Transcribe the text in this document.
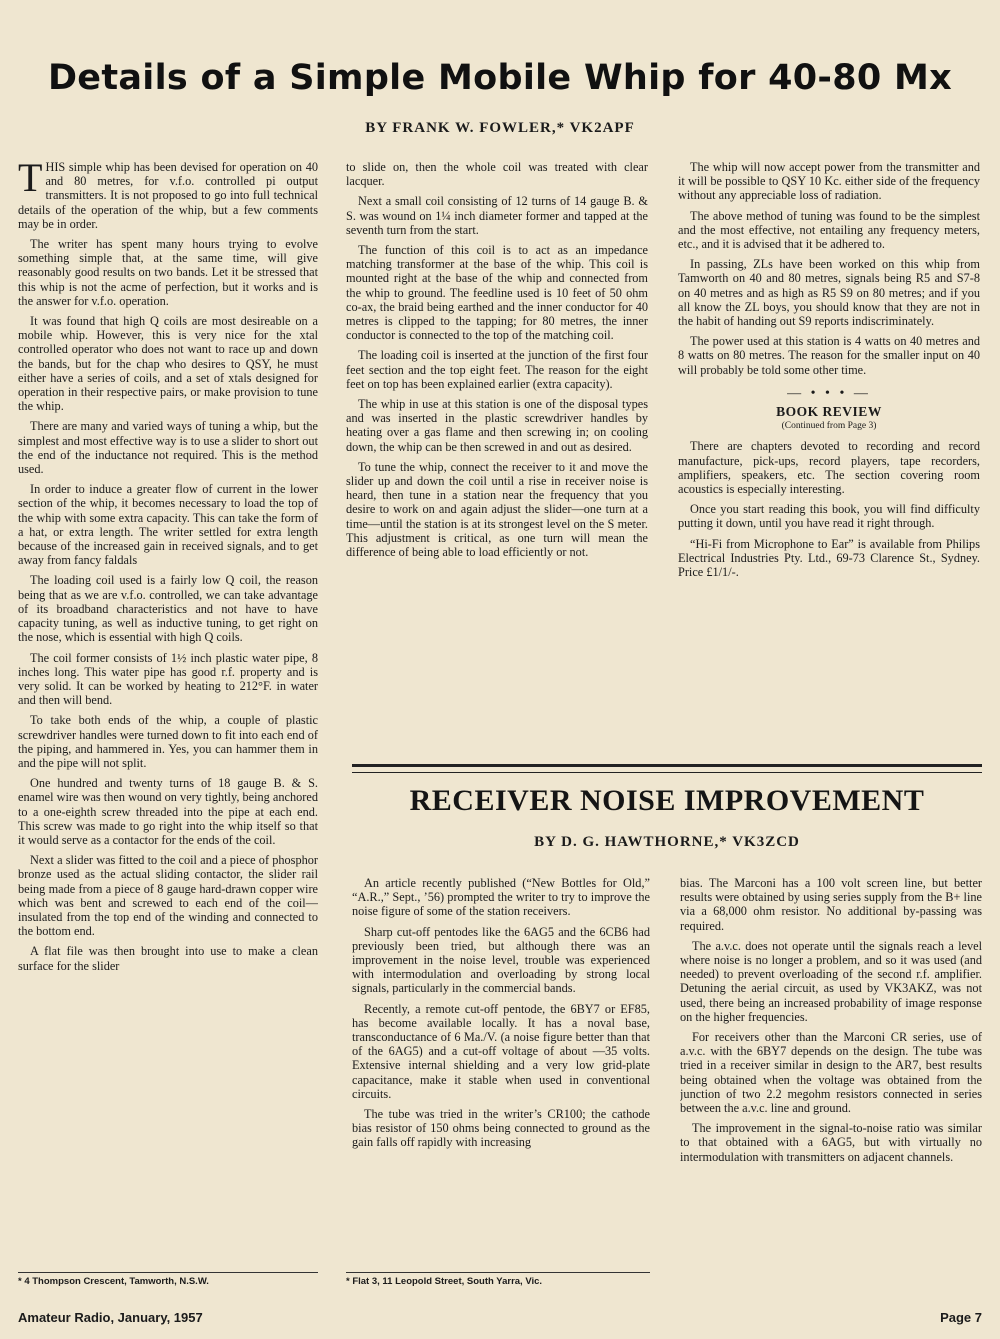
Details of a Simple Mobile Whip for 40-80 Mx
BY FRANK W. FOWLER,* VK2APF

THIS simple whip has been devised for operation on 40 and 80 metres, for v.f.o. controlled pi output transmitters. It is not proposed to go into full technical details of the operation of the whip, but a few comments may be in order.

The writer has spent many hours trying to evolve something simple that, at the same time, will give reasonably good results on two bands. Let it be stressed that this whip is not the acme of perfection, but it works and is the answer for v.f.o. operation.

It was found that high Q coils are most desireable on a mobile whip. However, this is very nice for the xtal controlled operator who does not want to race up and down the bands, but for the chap who desires to QSY, he must either have a series of coils, and a set of xtals designed for operation in their respective pairs, or make provision to tune the whip.

There are many and varied ways of tuning a whip, but the simplest and most effective way is to use a slider to short out the end of the inductance not required. This is the method used.

In order to induce a greater flow of current in the lower section of the whip, it becomes necessary to load the top of the whip with some extra capacity. This can take the form of a hat, or extra length. The writer settled for extra length because of the increased gain in received signals, and to get away from fancy faldals

The loading coil used is a fairly low Q coil, the reason being that as we are v.f.o. controlled, we can take advantage of its broadband characteristics and not have to have capacity tuning, as well as inductive tuning, to get right on the nose, which is essential with high Q coils.

The coil former consists of 1½ inch plastic water pipe, 8 inches long. This water pipe has good r.f. property and is very solid. It can be worked by heating to 212°F. in water and then will bend.

To take both ends of the whip, a couple of plastic screwdriver handles were turned down to fit into each end of the piping, and hammered in. Yes, you can hammer them in and the pipe will not split.

One hundred and twenty turns of 18 gauge B. & S. enamel wire was then wound on very tightly, being anchored to a one-eighth screw threaded into the pipe at each end. This screw was made to go right into the whip itself so that it would serve as a contactor for the ends of the coil.

Next a slider was fitted to the coil and a piece of phosphor bronze used as the actual sliding contactor, the slider rail being made from a piece of 8 gauge hard-drawn copper wire which was bent and screwed to each end of the coil—insulated from the top end of the winding and connected to the bottom end.

A flat file was then brought into use to make a clean surface for the slider

to slide on, then the whole coil was treated with clear lacquer.

Next a small coil consisting of 12 turns of 14 gauge B. & S. was wound on 1¼ inch diameter former and tapped at the seventh turn from the start.

The function of this coil is to act as an impedance matching transformer at the base of the whip. This coil is mounted right at the base of the whip and connected from the whip to ground. The feedline used is 10 feet of 50 ohm co-ax, the braid being earthed and the inner conductor for 40 metres is clipped to the tapping; for 80 metres, the inner conductor is connected to the top of the matching coil.

The loading coil is inserted at the junction of the first four feet section and the top eight feet. The reason for the eight feet on top has been explained earlier (extra capacity).

The whip in use at this station is one of the disposal types and was inserted in the plastic screwdriver handles by heating over a gas flame and then screwing in; on cooling down, the whip can be then screwed in and out as desired.

To tune the whip, connect the receiver to it and move the slider up and down the coil until a rise in receiver noise is heard, then tune in a station near the frequency that you desire to work on and again adjust the slider—one turn at a time—until the station is at its strongest level on the S meter. This adjustment is critical, as one turn will mean the difference of being able to load efficiently or not.

The whip will now accept power from the transmitter and it will be possible to QSY 10 Kc. either side of the frequency without any appreciable loss of radiation.

The above method of tuning was found to be the simplest and the most effective, not entailing any frequency meters, etc., and it is advised that it be adhered to.

In passing, ZLs have been worked on this whip from Tamworth on 40 and 80 metres, signals being R5 and S7-8 on 40 metres and as high as R5 S9 on 80 metres; and if you all know the ZL boys, you should know that they are not in the habit of handing out S9 reports indiscriminately.

The power used at this station is 4 watts on 40 metres and 8 watts on 80 metres. The reason for the smaller input on 40 will probably be told some other time.

— • • • —
BOOK REVIEW
(Continued from Page 3)

There are chapters devoted to recording and record manufacture, pick-ups, record players, tape recorders, amplifiers, speakers, etc. The section covering room acoustics is especially interesting.

Once you start reading this book, you will find difficulty putting it down, until you have read it right through.

“Hi-Fi from Microphone to Ear” is available from Philips Electrical Industries Pty. Ltd., 69-73 Clarence St., Sydney. Price £1/1/-.

RECEIVER NOISE IMPROVEMENT
BY D. G. HAWTHORNE,* VK3ZCD

An article recently published (“New Bottles for Old,” “A.R.,” Sept., ’56) prompted the writer to try to improve the noise figure of some of the station receivers.

Sharp cut-off pentodes like the 6AG5 and the 6CB6 had previously been tried, but although there was an improvement in the noise level, trouble was experienced with intermodulation and overloading by strong local signals, particularly in the commercial bands.

Recently, a remote cut-off pentode, the 6BY7 or EF85, has become available locally. It has a noval base, transconductance of 6 Ma./V. (a noise figure better than that of the 6AG5) and a cut-off voltage of about —35 volts. Extensive internal shielding and a very low grid-plate capacitance, make it stable when used in conventional circuits.

The tube was tried in the writer’s CR100; the cathode bias resistor of 150 ohms being connected to ground as the gain falls off rapidly with increasing

bias. The Marconi has a 100 volt screen line, but better results were obtained by using series supply from the B+ line via a 68,000 ohm resistor. No additional by-passing was required.

The a.v.c. does not operate until the signals reach a level where noise is no longer a problem, and so it was used (and needed) to prevent overloading of the second r.f. amplifier. Detuning the aerial circuit, as used by VK3AKZ, was not used, there being an increased probability of image response on the higher frequencies.

For receivers other than the Marconi CR series, use of a.v.c. with the 6BY7 depends on the design. The tube was tried in a receiver similar in design to the AR7, best results being obtained when the voltage was obtained from the junction of two 2.2 megohm resistors connected in series between the a.v.c. line and ground.

The improvement in the signal-to-noise ratio was similar to that obtained with a 6AG5, but with virtually no intermodulation with transmitters on adjacent channels.

* 4 Thompson Crescent, Tamworth, N.S.W.	* Flat 3, 11 Leopold Street, South Yarra, Vic.
Amateur Radio, January, 1957	Page 7
